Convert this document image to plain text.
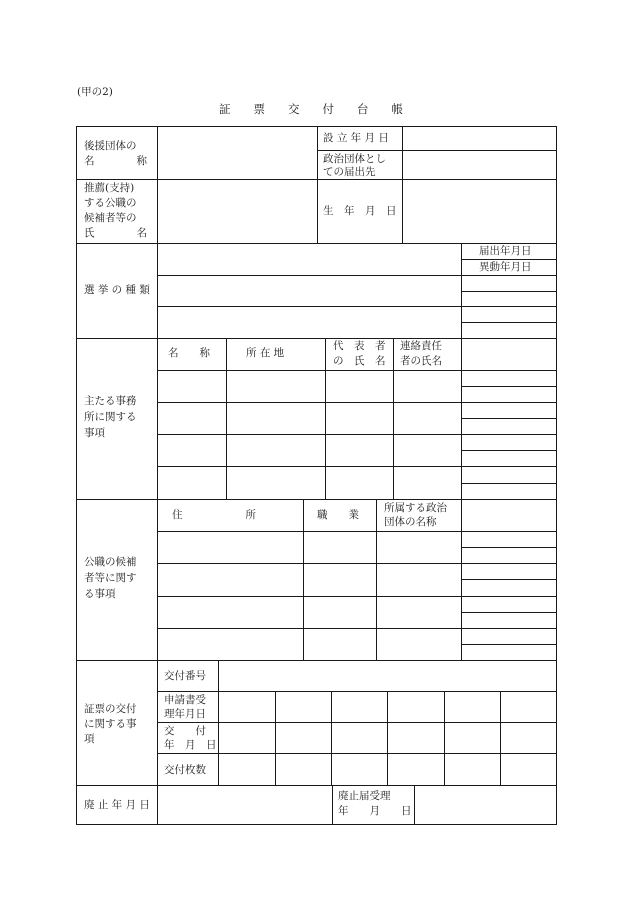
(甲の2)
証　　票　　交　　付　　台　　帳
後援団体の
名　　　　称
設 立 年 月 日
政治団体とし
ての届出先
推薦(支持)
する公職の
候補者等の
氏　　　　名
生　年　月　日
選 挙 の 種 類
届出年月日
異動年月日
主たる事務
所に関する
事項
名　　称	所 在 地
代　表　者
の　氏　名
連絡責任
者の氏名
公職の候補
者等に関す
る事項
住　　　　　　所	職　　業
所属する政治
団体の名称
証票の交付
に関する事
項
交付番号
申請書受
理年月日
交　　付
年　月　日
交付枚数
廃 止 年 月 日
廃止届受理
年　　月　　日
